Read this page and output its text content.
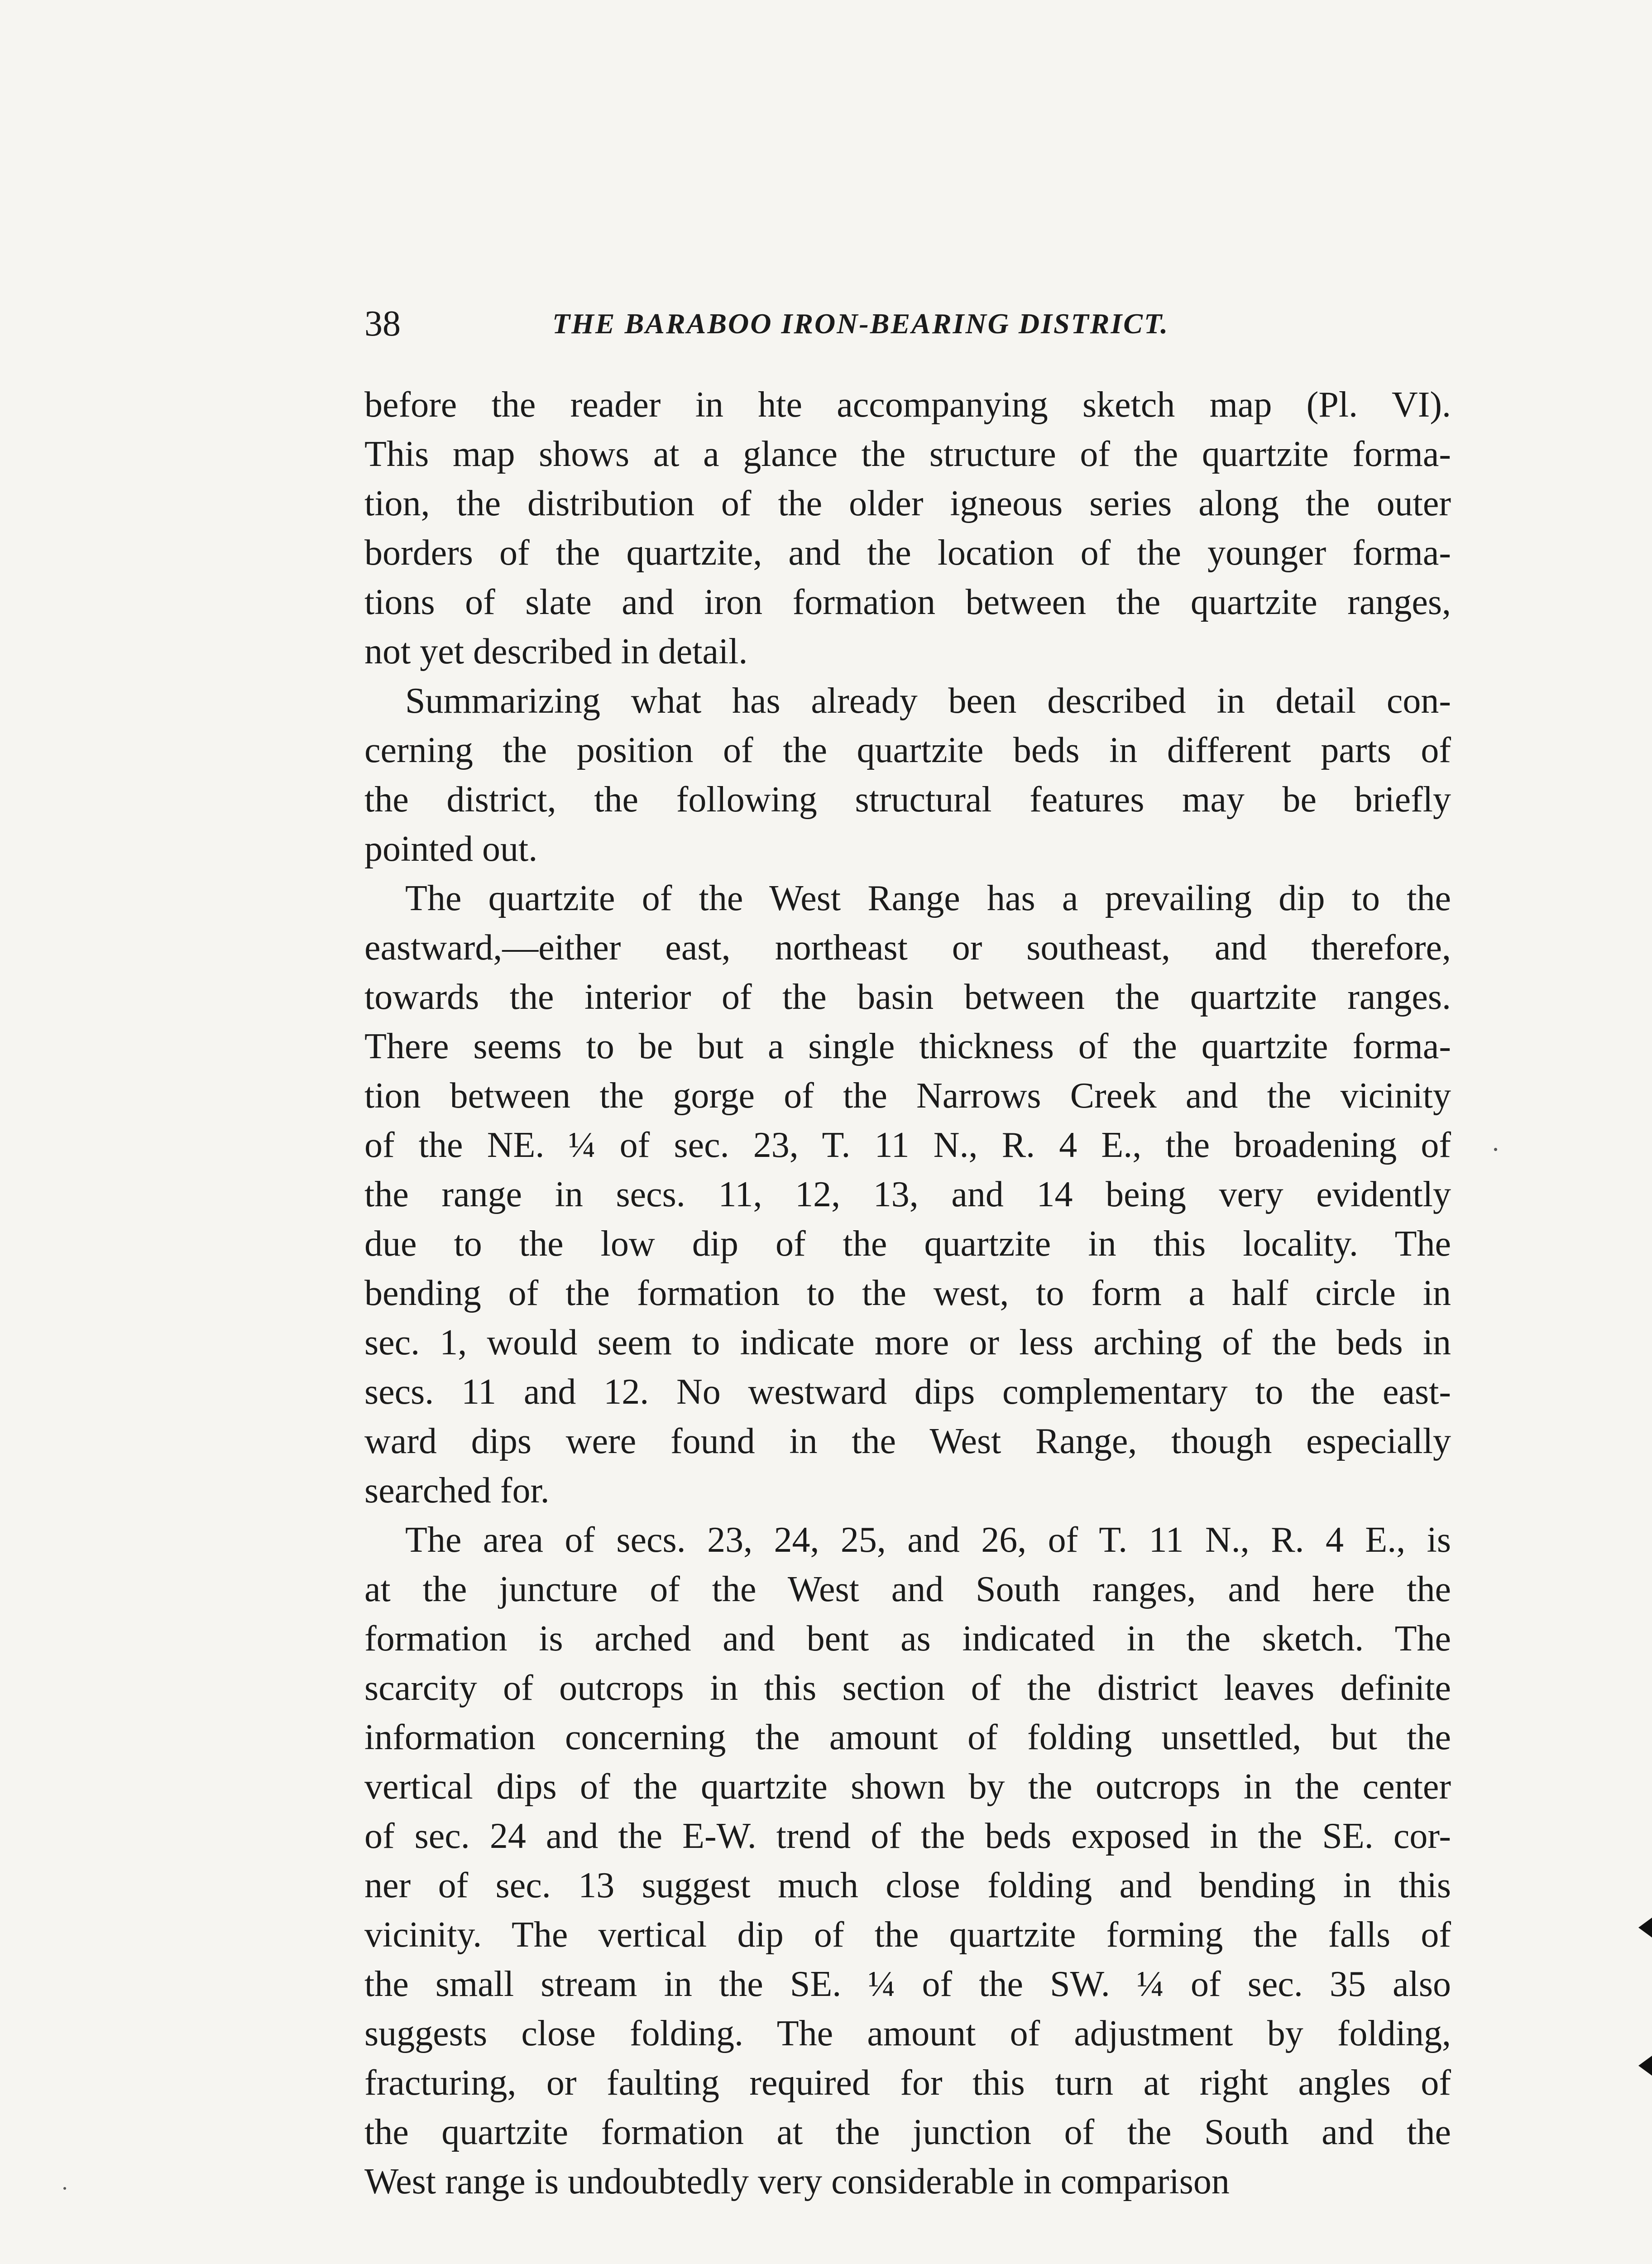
38	THE BARABOO IRON-BEARING DISTRICT.
before the reader in hte accompanying sketch map (Pl. VI).
This map shows at a glance the structure of the quartzite forma-
tion, the distribution of the older igneous series along the outer
borders of the quartzite, and the location of the younger forma-
tions of slate and iron formation between the quartzite ranges,
not yet described in detail.
Summarizing what has already been described in detail con-
cerning the position of the quartzite beds in different parts of
the district, the following structural features may be briefly
pointed out.
The quartzite of the West Range has a prevailing dip to the
eastward,—either east, northeast or southeast, and therefore,
towards the interior of the basin between the quartzite ranges.
There seems to be but a single thickness of the quartzite forma-
tion between the gorge of the Narrows Creek and the vicinity
of the NE. ¼ of sec. 23, T. 11 N., R. 4 E., the broadening of
the range in secs. 11, 12, 13, and 14 being very evidently
due to the low dip of the quartzite in this locality. The
bending of the formation to the west, to form a half circle in
sec. 1, would seem to indicate more or less arching of the beds in
secs. 11 and 12. No westward dips complementary to the east-
ward dips were found in the West Range, though especially
searched for.
The area of secs. 23, 24, 25, and 26, of T. 11 N., R. 4 E., is
at the juncture of the West and South ranges, and here the
formation is arched and bent as indicated in the sketch. The
scarcity of outcrops in this section of the district leaves definite
information concerning the amount of folding unsettled, but the
vertical dips of the quartzite shown by the outcrops in the center
of sec. 24 and the E-W. trend of the beds exposed in the SE. cor-
ner of sec. 13 suggest much close folding and bending in this
vicinity. The vertical dip of the quartzite forming the falls of
the small stream in the SE. ¼ of the SW. ¼ of sec. 35 also
suggests close folding. The amount of adjustment by folding,
fracturing, or faulting required for this turn at right angles of
the quartzite formation at the junction of the South and the
West range is undoubtedly very considerable in comparison
